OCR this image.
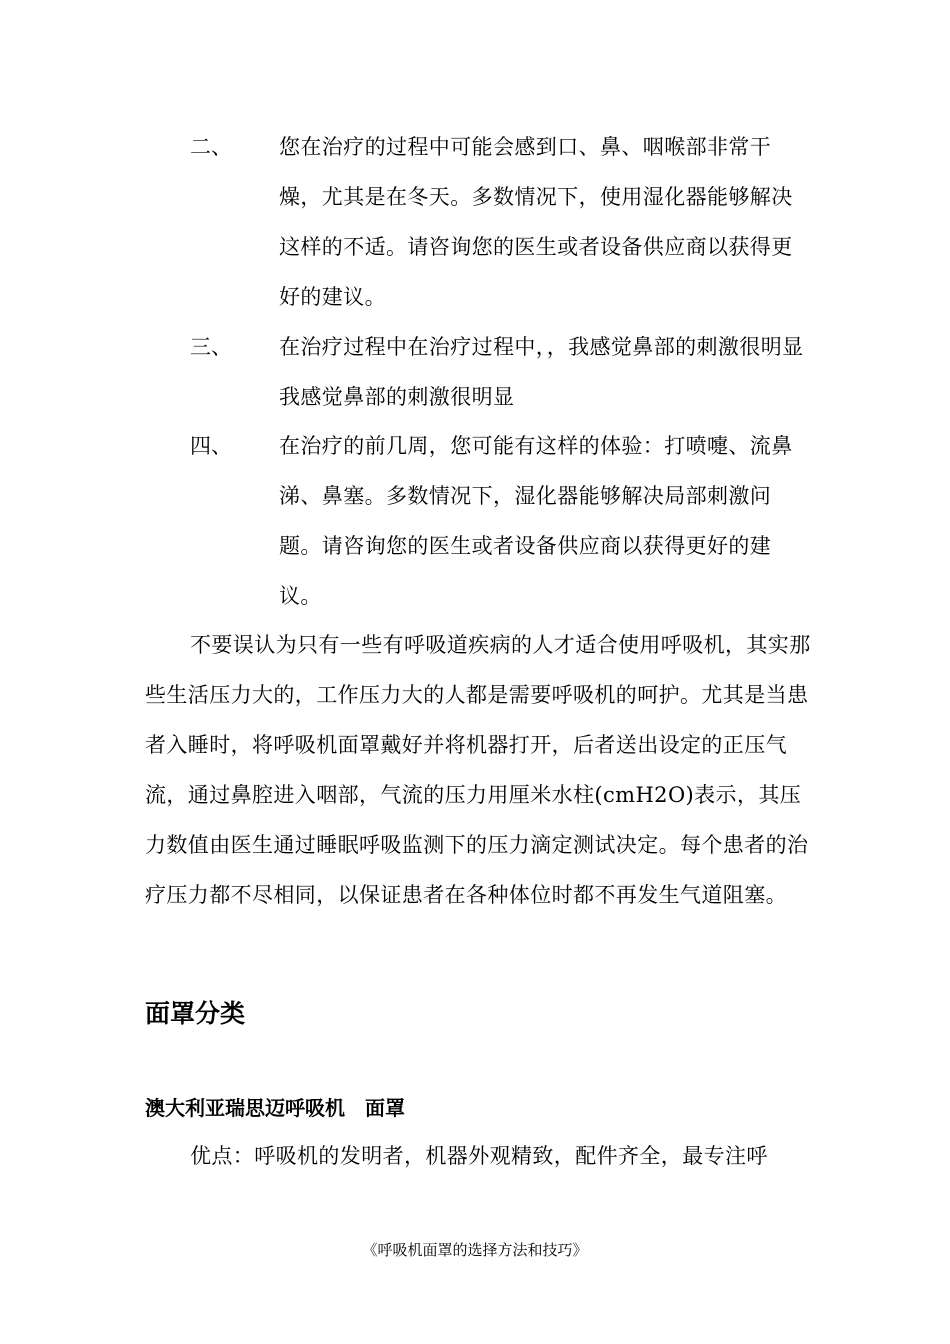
二、 您在治疗的过程中可能会感到口、鼻、咽喉部非常干燥，尤其是在冬天。多数情况下，使用湿化器能够解决这样的不适。请咨询您的医生或者设备供应商以获得更好的建议。
三、 在治疗过程中在治疗过程中，，我感觉鼻部的刺激很明显我感觉鼻部的刺激很明显
四、 在治疗的前几周，您可能有这样的体验：打喷嚏、流鼻涕、鼻塞。多数情况下，湿化器能够解决局部刺激问题。请咨询您的医生或者设备供应商以获得更好的建议。
不要误认为只有一些有呼吸道疾病的人才适合使用呼吸机，其实那些生活压力大的，工作压力大的人都是需要呼吸机的呵护。尤其是当患者入睡时，将呼吸机面罩戴好并将机器打开，后者送出设定的正压气流，通过鼻腔进入咽部，气流的压力用厘米水柱(cmH2O)表示，其压力数值由医生通过睡眠呼吸监测下的压力滴定测试决定。每个患者的治疗压力都不尽相同，以保证患者在各种体位时都不再发生气道阻塞。
面罩分类
澳大利亚瑞思迈呼吸机　面罩
优点：呼吸机的发明者，机器外观精致，配件齐全，最专注呼
《呼吸机面罩的选择方法和技巧》
